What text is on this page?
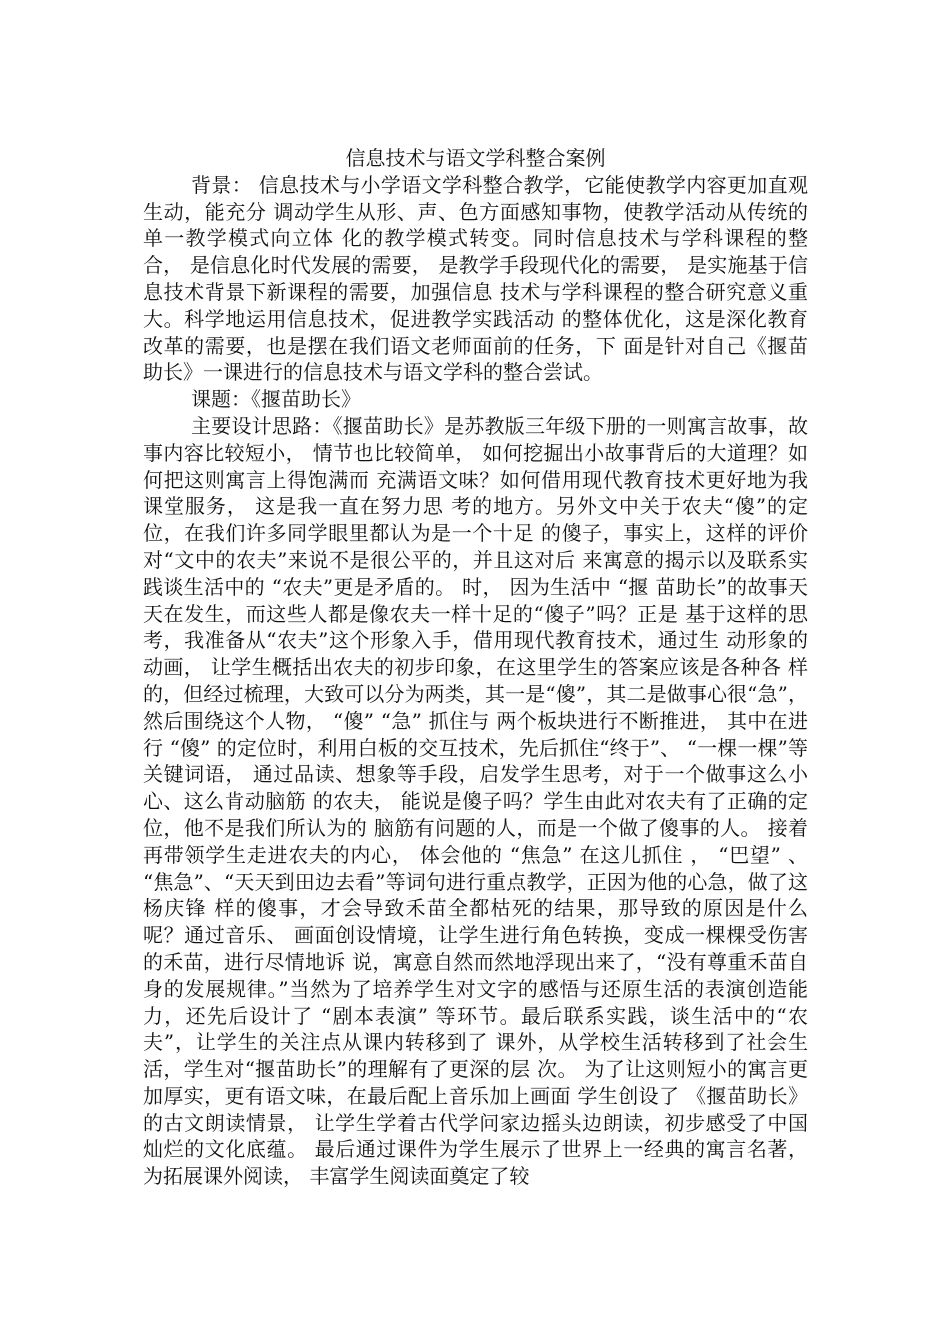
信息技术与语文学科整合案例

背景： 信息技术与小学语文学科整合教学，它能使教学内容更加直观生动，能充分 调动学生从形、声、色方面感知事物，使教学活动从传统的单一教学模式向立体 化的教学模式转变。同时信息技术与学科课程的整合， 是信息化时代发展的需要， 是教学手段现代化的需要， 是实施基于信息技术背景下新课程的需要，加强信息 技术与学科课程的整合研究意义重大。科学地运用信息技术，促进教学实践活动 的整体优化，这是深化教育改革的需要，也是摆在我们语文老师面前的任务，下 面是针对自己《揠苗助长》一课进行的信息技术与语文学科的整合尝试。

课题：《揠苗助长》

主要设计思路：《揠苗助长》是苏教版三年级下册的一则寓言故事，故事内容比较短小， 情节也比较简单， 如何挖掘出小故事背后的大道理？如何把这则寓言上得饱满而 充满语文味？如何借用现代教育技术更好地为我课堂服务， 这是我一直在努力思 考的地方。另外文中关于农夫“傻”的定位，在我们许多同学眼里都认为是一个十足 的傻子，事实上，这样的评价对“文中的农夫”来说不是很公平的，并且这对后 来寓意的揭示以及联系实践谈生活中的 “农夫”更是矛盾的。 时， 因为生活中 “揠 苗助长”的故事天天在发生，而这些人都是像农夫一样十足的“傻子”吗？正是 基于这样的思考，我准备从“农夫”这个形象入手，借用现代教育技术，通过生 动形象的动画， 让学生概括出农夫的初步印象，在这里学生的答案应该是各种各 样的，但经过梳理，大致可以分为两类，其一是“傻”，其二是做事心很“急”， 然后围绕这个人物， “傻” “急” 抓住与 两个板块进行不断推进， 其中在进行 “傻” 的定位时，利用白板的交互技术，先后抓住“终于”、 “一棵一棵”等关键词语， 通过品读、想象等手段，启发学生思考，对于一个做事这么小心、这么肯动脑筋 的农夫， 能说是傻子吗？学生由此对农夫有了正确的定位，他不是我们所认为的 脑筋有问题的人，而是一个做了傻事的人。 接着再带领学生走进农夫的内心， 体会他的 “焦急” 在这儿抓住 ， “巴望” 、 “焦急”、“天天到田边去看”等词句进行重点教学，正因为他的心急，做了这 杨庆锋 样的傻事，才会导致禾苗全都枯死的结果，那导致的原因是什么呢？通过音乐、 画面创设情境，让学生进行角色转换，变成一棵棵受伤害的禾苗，进行尽情地诉 说，寓意自然而然地浮现出来了，“没有尊重禾苗自身的发展规律。”当然为了培养学生对文字的感悟与还原生活的表演创造能力，还先后设计了 “剧本表演” 等环节。最后联系实践，谈生活中的“农夫”，让学生的关注点从课内转移到了 课外，从学校生活转移到了社会生活，学生对“揠苗助长”的理解有了更深的层 次。 为了让这则短小的寓言更加厚实，更有语文味，在最后配上音乐加上画面 学生创设了 《揠苗助长》 的古文朗读情景， 让学生学着古代学问家边摇头边朗读，初步感受了中国灿烂的文化底蕴。 最后通过课件为学生展示了世界上一经典的寓言名著，为拓展课外阅读， 丰富学生阅读面奠定了较
